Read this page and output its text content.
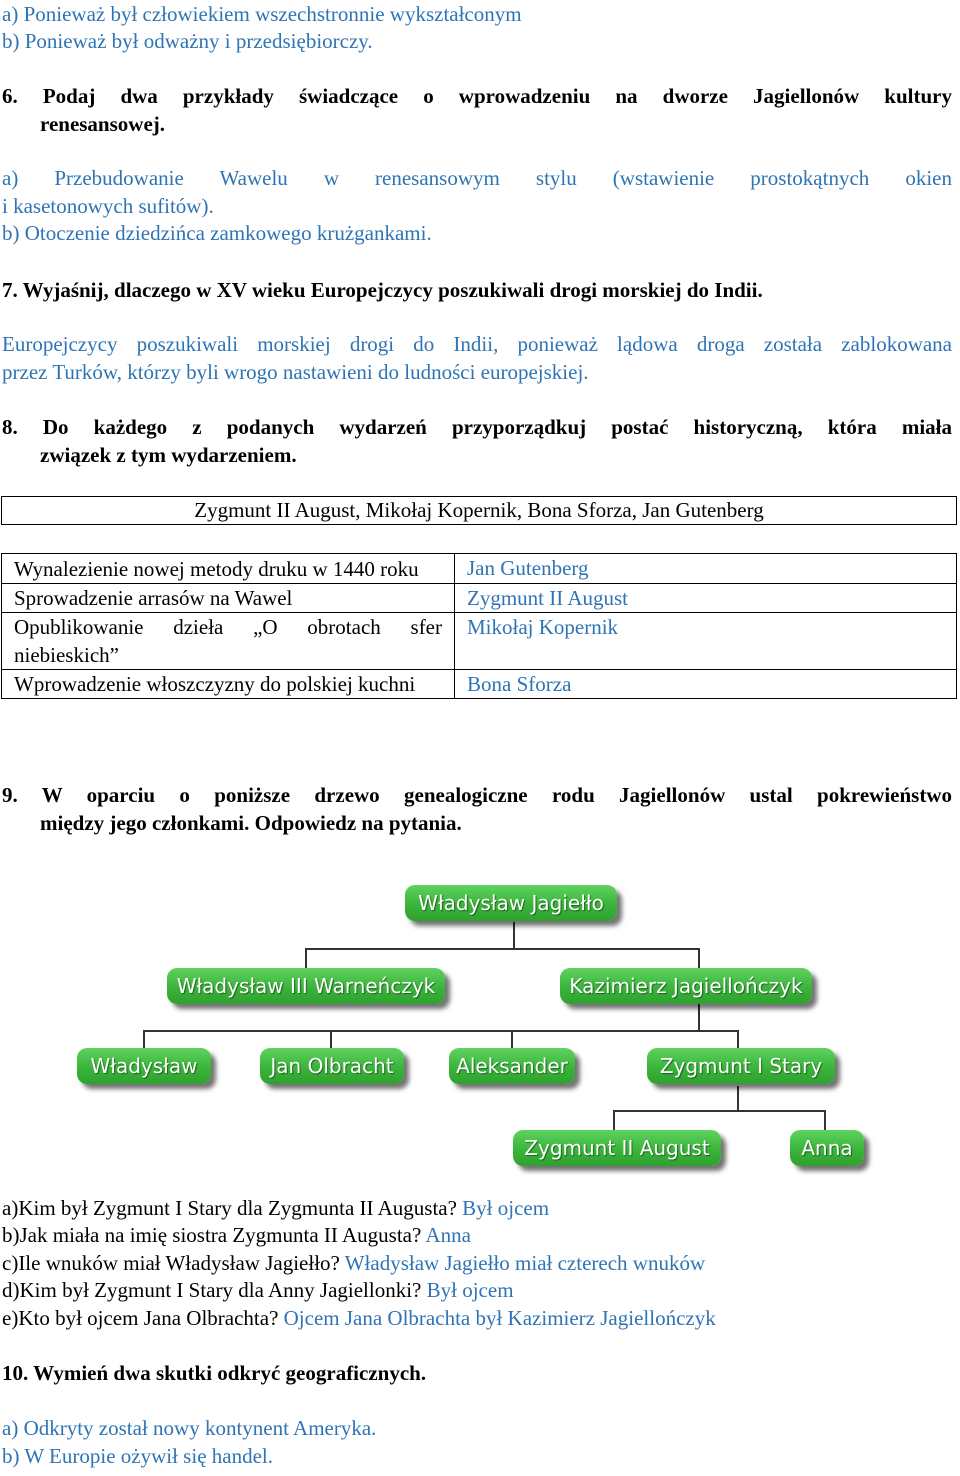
a) Ponieważ był człowiekiem wszechstronnie wykształconym
b) Ponieważ był odważny i przedsiębiorczy.
6. Podaj dwa przykłady świadczące o wprowadzeniu na dworze Jagiellonów kultury
renesansowej.
a) Przebudowanie Wawelu w renesansowym stylu (wstawienie prostokątnych okien
i kasetonowych sufitów).
b) Otoczenie dziedzińca zamkowego krużgankami.
7. Wyjaśnij, dlaczego w XV wieku Europejczycy poszukiwali drogi morskiej do Indii.
Europejczycy poszukiwali morskiej drogi do Indii, ponieważ lądowa droga została zablokowana
przez Turków, którzy byli wrogo nastawieni do ludności europejskiej.
8. Do każdego z podanych wydarzeń przyporządkuj postać historyczną, która miała
związek z tym wydarzeniem.
Zygmunt II August, Mikołaj Kopernik, Bona Sforza, Jan Gutenberg
Wynalezienie nowej metody druku w 1440 roku	Jan Gutenberg
Sprowadzenie arrasów na Wawel	Zygmunt II August
Opublikowanie dzieła „O obrotach sfer niebieskich”	Mikołaj Kopernik
Wprowadzenie włoszczyzny do polskiej kuchni	Bona Sforza
9. W oparciu o poniższe drzewo genealogiczne rodu Jagiellonów ustal pokrewieństwo
między jego członkami. Odpowiedz na pytania.
Władysław Jagiełło
Władysław III Warneńczyk	Kazimierz Jagiellończyk
Władysław	Jan Olbracht	Aleksander	Zygmunt I Stary
Zygmunt II August	Anna
a)Kim był Zygmunt I Stary dla Zygmunta II Augusta? Był ojcem
b)Jak miała na imię siostra Zygmunta II Augusta? Anna
c)Ile wnuków miał Władysław Jagiełło? Władysław Jagiełło miał czterech wnuków
d)Kim był Zygmunt I Stary dla Anny Jagiellonki? Był ojcem
e)Kto był ojcem Jana Olbrachta? Ojcem Jana Olbrachta był Kazimierz Jagiellończyk
10. Wymień dwa skutki odkryć geograficznych.
a) Odkryty został nowy kontynent Ameryka.
b) W Europie ożywił się handel.
